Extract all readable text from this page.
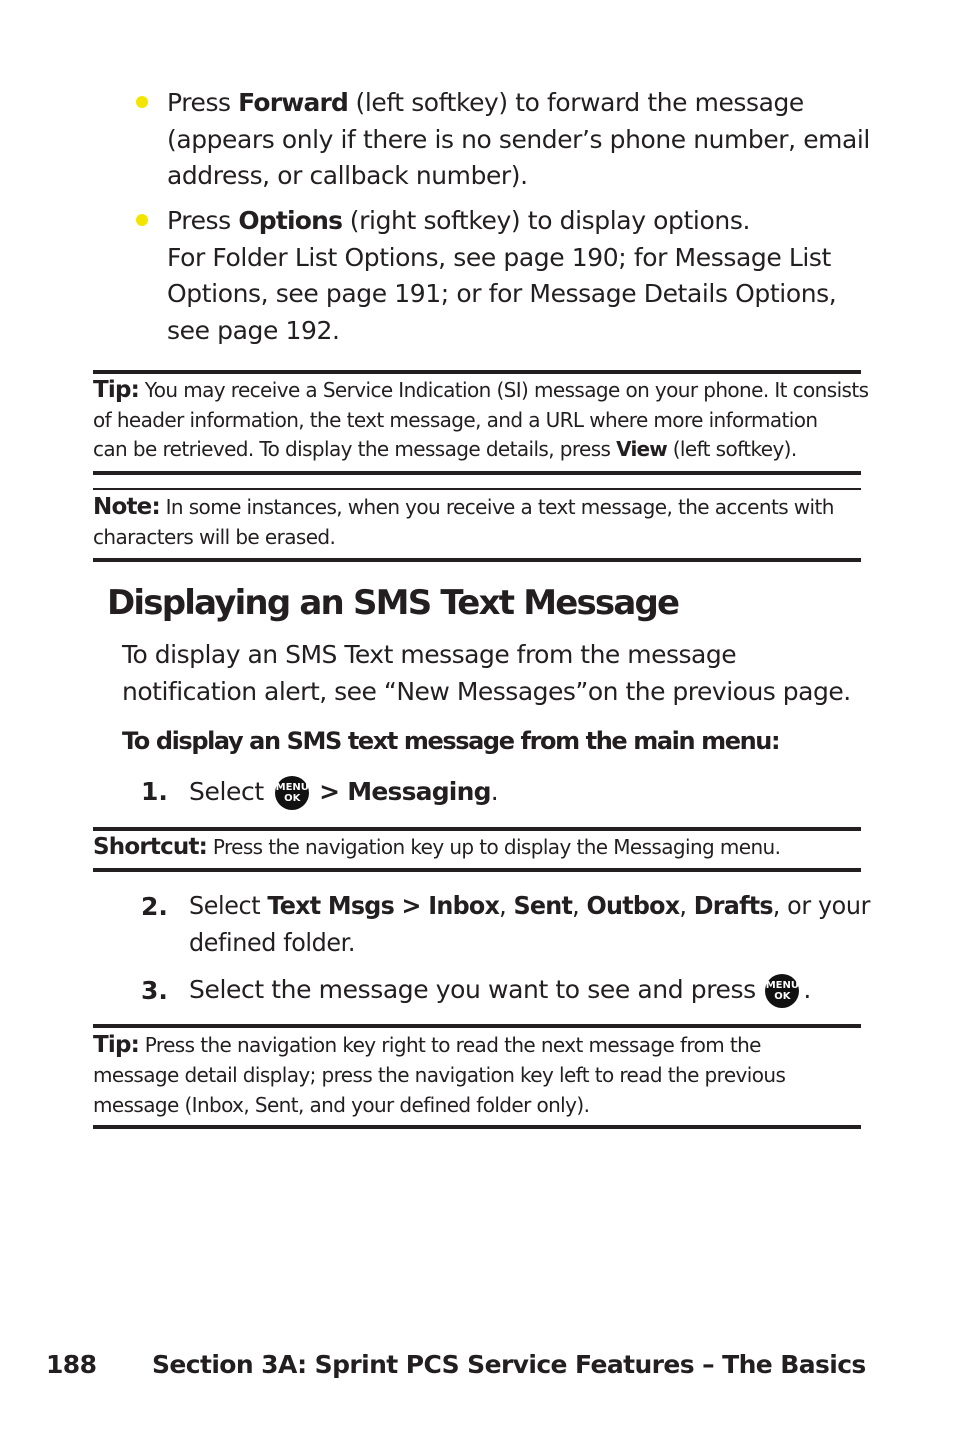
Press Forward (left softkey) to forward the message
(appears only if there is no sender’s phone number, email
address, or callback number).
Press Options (right softkey) to display options.
For Folder List Options, see page 190; for Message List
Options, see page 191; or for Message Details Options,
see page 192.
Tip: You may receive a Service Indication (SI) message on your phone. It consists
of header information, the text message, and a URL where more information
can be retrieved. To display the message details, press View (left softkey).
Note: In some instances, when you receive a text message, the accents with
characters will be erased.
Displaying an SMS Text Message
To display an SMS Text message from the message
notification alert, see “New Messages”on the previous page.
To display an SMS text message from the main menu:
1. Select MENU
OK > Messaging.
Shortcut: Press the navigation key up to display the Messaging menu.
2. Select Text Msgs > Inbox, Sent, Outbox, Drafts, or your
defined folder.
3. Select the message you want to see and press MENU
OK .
Tip: Press the navigation key right to read the next message from the
message detail display; press the navigation key left to read the previous
message (Inbox, Sent, and your defined folder only).
188 Section 3A: Sprint PCS Service Features – The Basics
